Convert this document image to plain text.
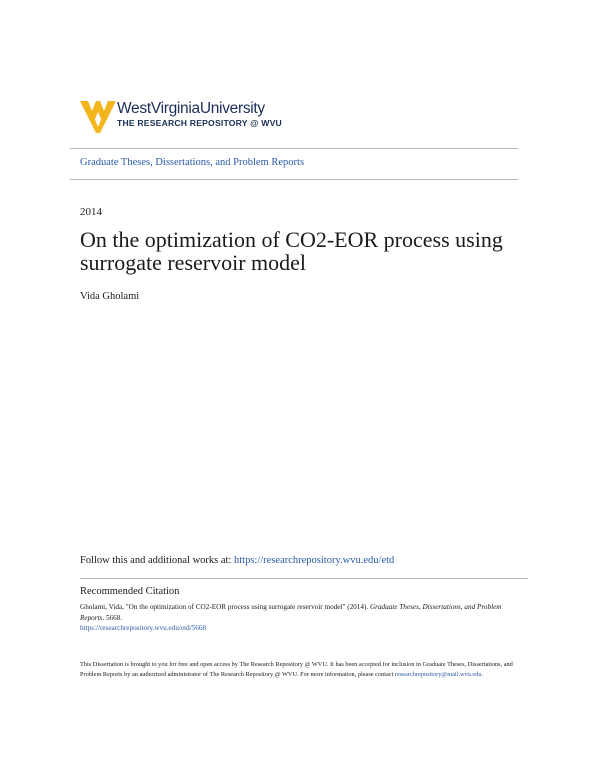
WestVirginiaUniversity
THE RESEARCH REPOSITORY @ WVU
Graduate Theses, Dissertations, and Problem Reports
2014
On the optimization of CO2-EOR process using surrogate reservoir model
Vida Gholami
Follow this and additional works at: https://researchrepository.wvu.edu/etd
Recommended Citation
Gholami, Vida, "On the optimization of CO2-EOR process using surrogate reservoir model" (2014). Graduate Theses, Dissertations, and Problem Reports. 5668.
https://researchrepository.wvu.edu/etd/5668
This Dissertation is brought to you for free and open access by The Research Repository @ WVU. It has been accepted for inclusion in Graduate Theses, Dissertations, and Problem Reports by an authorized administrator of The Research Repository @ WVU. For more information, please contact researchrepository@mail.wvu.edu.
